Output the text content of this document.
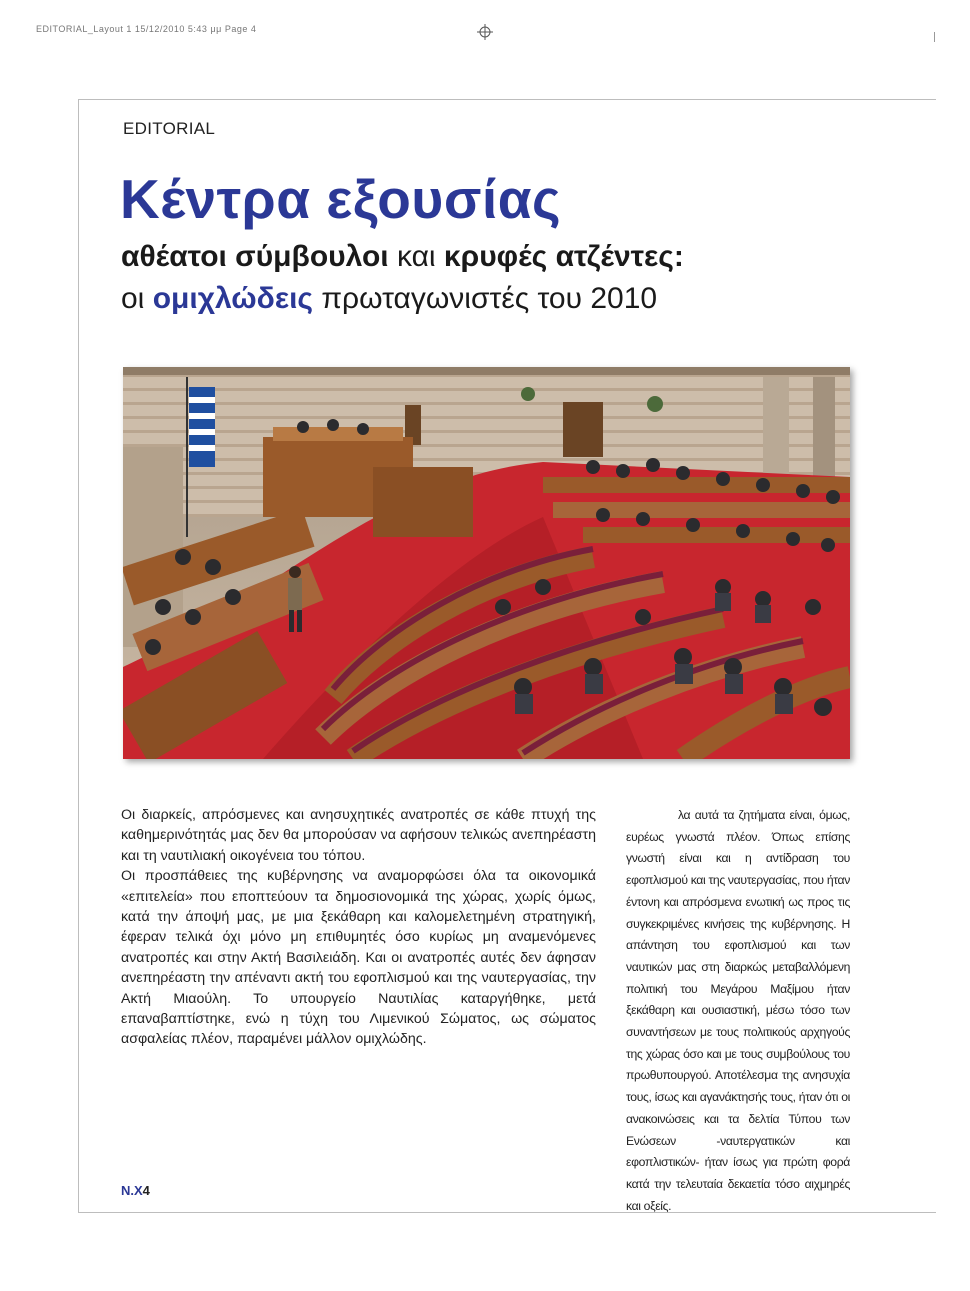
EDITORIAL_Layout 1 15/12/2010 5:43 μμ Page 4
EDITORIAL
Κέντρα εξουσίας
αθέατοι σύμβουλοι και κρυφές ατζέντες:
οι ομιχλώδεις πρωταγωνιστές του 2010

Οι διαρκείς, απρόσμενες και ανησυχητικές ανατροπές σε κάθε πτυχή της καθημερινότητάς μας δεν θα μπορούσαν να αφήσουν τελικώς ανεπηρέαστη και τη ναυτιλιακή οικογένεια του τόπου.

Οι προσπάθειες της κυβέρνησης να αναμορφώσει όλα τα οικονομικά «επιτελεία» που εποπτεύουν τα δημοσιονομικά της χώρας, χωρίς όμως, κατά την άποψή μας, με μια ξεκάθαρη και καλομελετημένη στρατηγική, έφεραν τελικά όχι μόνο μη επιθυμητές όσο κυρίως μη αναμενόμενες ανατροπές και στην Ακτή Βασιλειάδη. Και οι ανατροπές αυτές δεν άφησαν ανεπηρέαστη την απέναντι ακτή του εφοπλισμού και της ναυτεργασίας, την Ακτή Μιαούλη. Το υπουργείο Ναυτιλίας καταργήθηκε, μετά επαναβαπτίστηκε, ενώ η τύχη του Λιμενικού Σώματος, ως σώματος ασφαλείας πλέον, παραμένει μάλλον ομιχλώδης.

λα αυτά τα ζητήματα είναι, όμως, ευρέως γνωστά πλέον. Όπως επίσης γνωστή είναι και η αντίδραση του εφοπλισμού και της ναυτεργασίας, που ήταν έντονη και απρόσμενα ενωτική ως προς τις συγκεκριμένες κινήσεις της κυβέρνησης. Η απάντηση του εφοπλισμού και των ναυτικών μας στη διαρκώς μεταβαλλόμενη πολιτική του Μεγάρου Μαξίμου ήταν ξεκάθαρη και ουσιαστική, μέσω τόσο των συναντήσεων με τους πολιτικούς αρχηγούς της χώρας όσο και με τους συμβούλους του πρωθυπουργού. Αποτέλεσμα της ανησυχία τους, ίσως και αγανάκτησής τους, ήταν ότι οι ανακοινώσεις και τα δελτία Τύπου των Ενώσεων -ναυτεργατικών και εφοπλιστικών- ήταν ίσως για πρώτη φορά κατά την τελευταία δεκαετία τόσο αιχμηρές και οξείς.

N.X4
